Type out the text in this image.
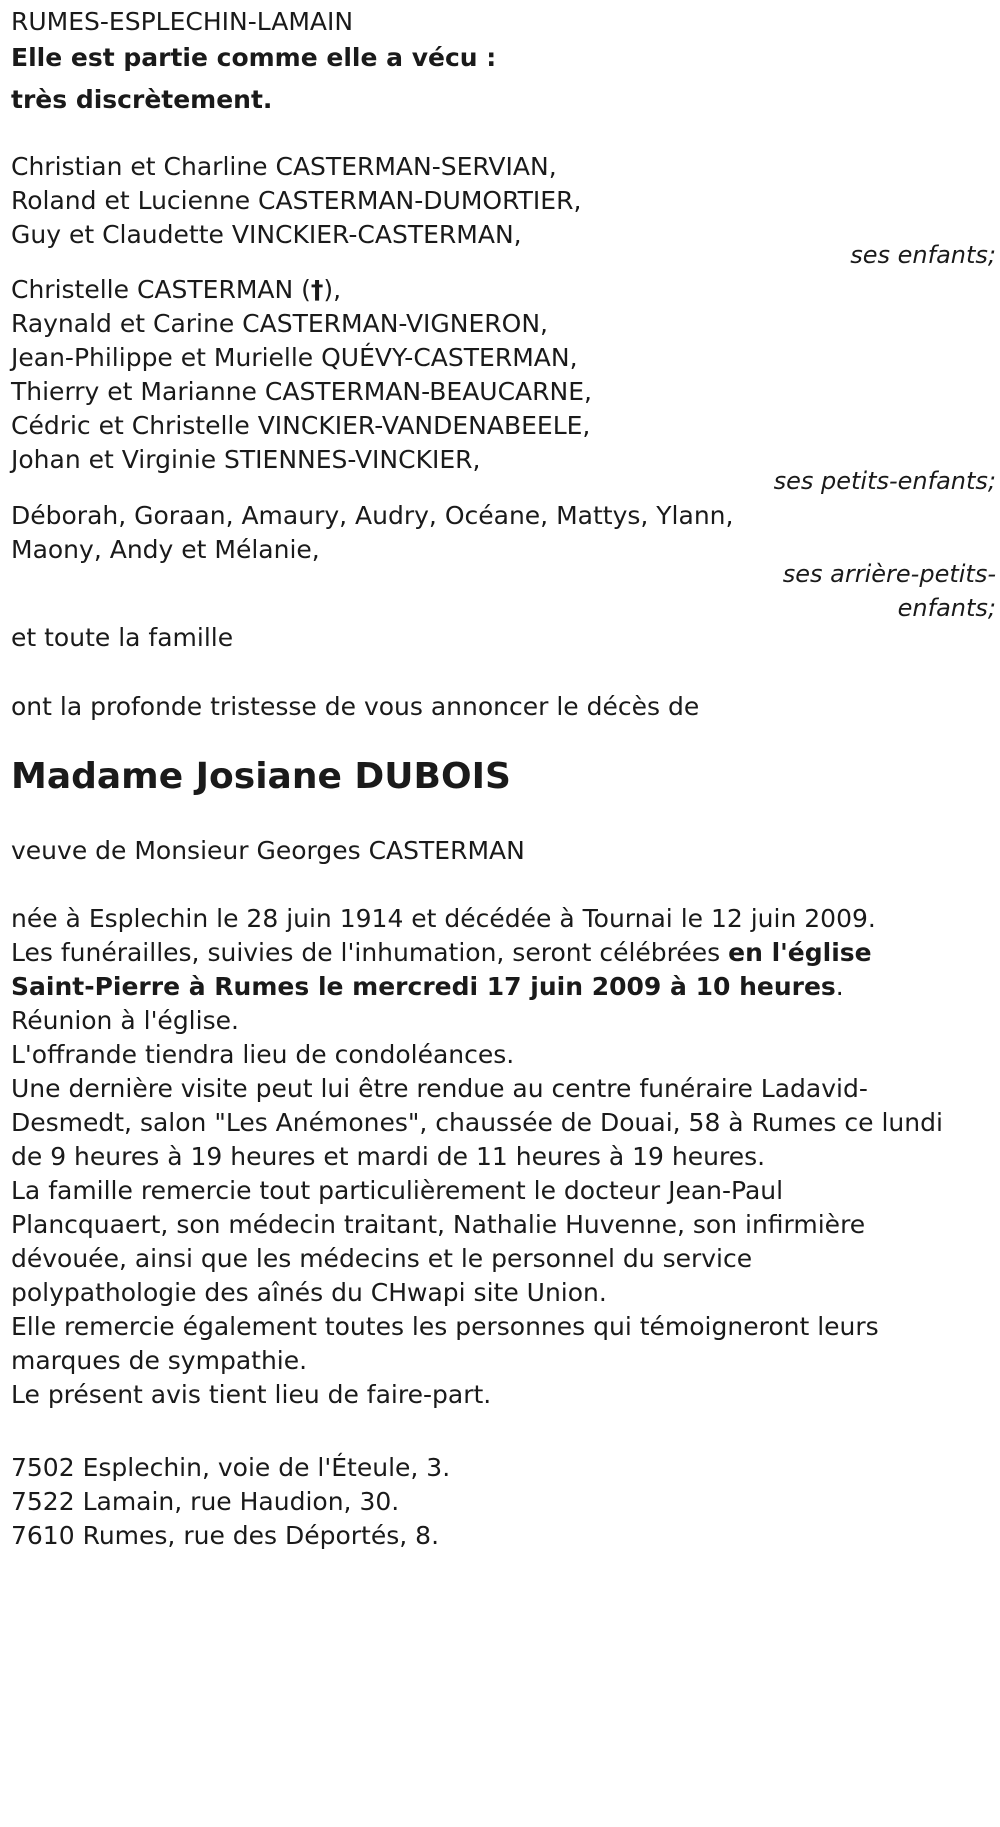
RUMES-ESPLECHIN-LAMAIN
Elle est partie comme elle a vécu :
très discrètement.
Christian et Charline CASTERMAN-SERVIAN,
Roland et Lucienne CASTERMAN-DUMORTIER,
Guy et Claudette VINCKIER-CASTERMAN,
ses enfants;
Christelle CASTERMAN (†),
Raynald et Carine CASTERMAN-VIGNERON,
Jean-Philippe et Murielle QUÉVY-CASTERMAN,
Thierry et Marianne CASTERMAN-BEAUCARNE,
Cédric et Christelle VINCKIER-VANDENABEELE,
Johan et Virginie STIENNES-VINCKIER,
ses petits-enfants;
Déborah, Goraan, Amaury, Audry, Océane, Mattys, Ylann,
Maony, Andy et Mélanie,
ses arrière-petits-enfants;
et toute la famille
ont la profonde tristesse de vous annoncer le décès de
Madame Josiane DUBOIS
veuve de Monsieur Georges CASTERMAN
née à Esplechin le 28 juin 1914 et décédée à Tournai le 12 juin 2009.
Les funérailles, suivies de l'inhumation, seront célébrées en l'église
Saint-Pierre à Rumes le mercredi 17 juin 2009 à 10 heures.
Réunion à l'église.
L'offrande tiendra lieu de condoléances.
Une dernière visite peut lui être rendue au centre funéraire Ladavid-
Desmedt, salon "Les Anémones", chaussée de Douai, 58 à Rumes ce lundi
de 9 heures à 19 heures et mardi de 11 heures à 19 heures.
La famille remercie tout particulièrement le docteur Jean-Paul
Plancquaert, son médecin traitant, Nathalie Huvenne, son infirmière
dévouée, ainsi que les médecins et le personnel du service
polypathologie des aînés du CHwapi site Union.
Elle remercie également toutes les personnes qui témoigneront leurs
marques de sympathie.
Le présent avis tient lieu de faire-part.
7502 Esplechin, voie de l'Éteule, 3.
7522 Lamain, rue Haudion, 30.
7610 Rumes, rue des Déportés, 8.
